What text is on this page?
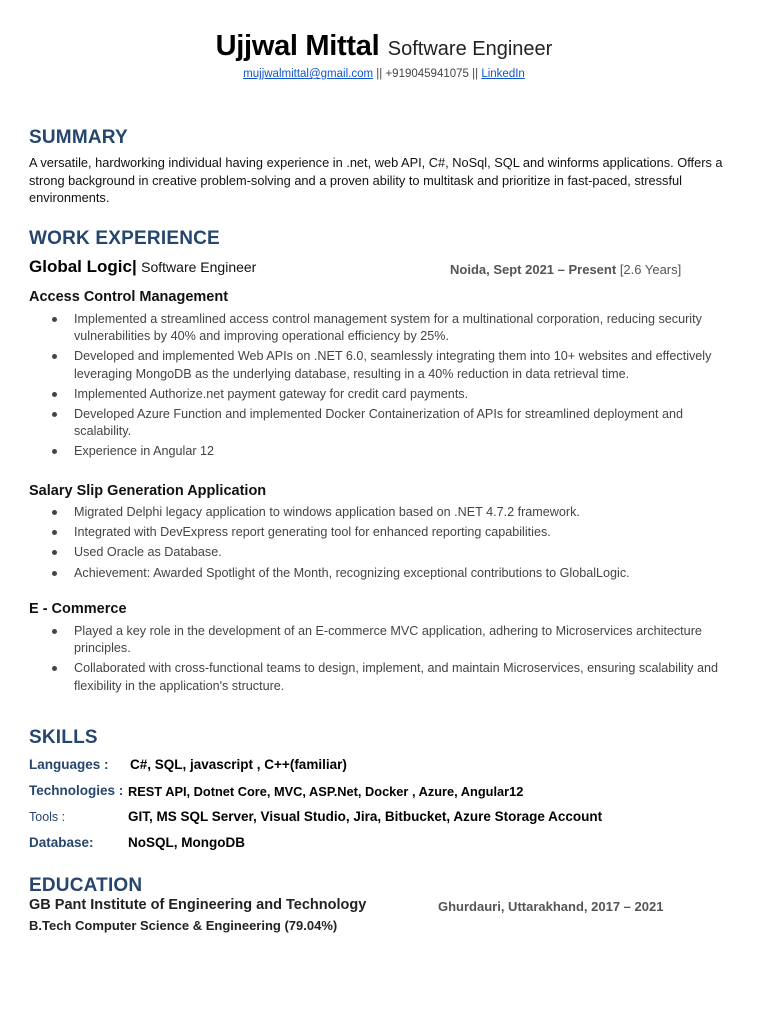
Ujjwal Mittal Software Engineer
mujjwalmittal@gmail.com || +919045941075 || LinkedIn
SUMMARY
A versatile, hardworking individual having experience in .net, web API, C#, NoSql, SQL and winforms applications. Offers a strong background in creative problem-solving and a proven ability to multitask and prioritize in fast-paced, stressful environments.
WORK EXPERIENCE
Global Logic| Software Engineer	Noida, Sept 2021 – Present [2.6 Years]
Access Control Management
Implemented a streamlined access control management system for a multinational corporation, reducing security vulnerabilities by 40% and improving operational efficiency by 25%.
Developed and implemented Web APIs on .NET 6.0, seamlessly integrating them into 10+ websites and effectively leveraging MongoDB as the underlying database, resulting in a 40% reduction in data retrieval time.
Implemented Authorize.net payment gateway for credit card payments.
Developed Azure Function and implemented Docker Containerization of APIs for streamlined deployment and scalability.
Experience in Angular 12
Salary Slip Generation Application
Migrated Delphi legacy application to windows application based on .NET 4.7.2 framework.
Integrated with DevExpress report generating tool for enhanced reporting capabilities.
Used Oracle as Database.
Achievement: Awarded Spotlight of the Month, recognizing exceptional contributions to GlobalLogic.
E - Commerce
Played a key role in the development of an E-commerce MVC application, adhering to Microservices architecture principles.
Collaborated with cross-functional teams to design, implement, and maintain Microservices, ensuring scalability and flexibility in the application's structure.
SKILLS
Languages : C#, SQL, javascript , C++(familiar)
Technologies : REST API, Dotnet Core, MVC, ASP.Net, Docker , Azure, Angular12
Tools :	GIT, MS SQL Server, Visual Studio, Jira, Bitbucket, Azure Storage Account
Database:	NoSQL, MongoDB
EDUCATION
GB Pant Institute of Engineering and Technology	Ghurdauri, Uttarakhand, 2017 – 2021
B.Tech Computer Science & Engineering (79.04%)
